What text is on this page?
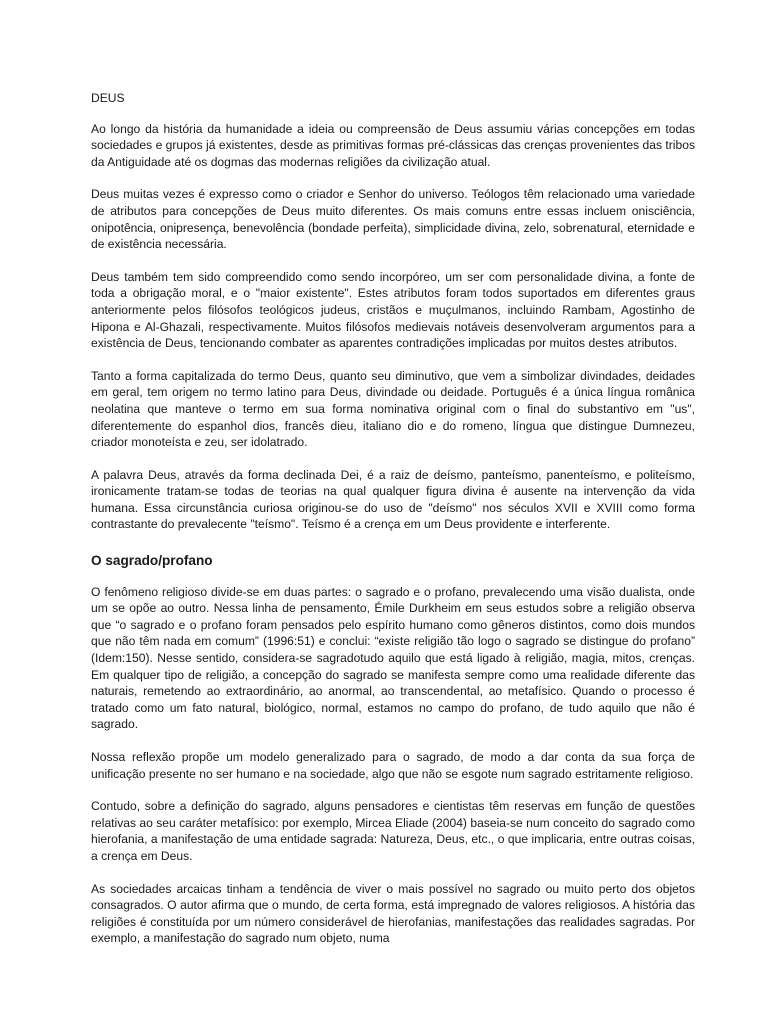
DEUS

Ao longo da história da humanidade a ideia ou compreensão de Deus assumiu várias concepções em todas sociedades e grupos já existentes, desde as primitivas formas pré-clássicas das crenças provenientes das tribos da Antiguidade até os dogmas das modernas religiões da civilização atual.

Deus muitas vezes é expresso como o criador e Senhor do universo. Teólogos têm relacionado uma variedade de atributos para concepções de Deus muito diferentes. Os mais comuns entre essas incluem onisciência, onipotência, onipresença, benevolência (bondade perfeita), simplicidade divina, zelo, sobrenatural, eternidade e de existência necessária.

Deus também tem sido compreendido como sendo incorpóreo, um ser com personalidade divina, a fonte de toda a obrigação moral, e o "maior existente". Estes atributos foram todos suportados em diferentes graus anteriormente pelos filósofos teológicos judeus, cristãos e muçulmanos, incluindo Rambam, Agostinho de Hipona e Al-Ghazali, respectivamente. Muitos filósofos medievais notáveis desenvolveram argumentos para a existência de Deus, tencionando combater as aparentes contradições implicadas por muitos destes atributos.

Tanto a forma capitalizada do termo Deus, quanto seu diminutivo, que vem a simbolizar divindades, deidades em geral, tem origem no termo latino para Deus, divindade ou deidade. Português é a única língua românica neolatina que manteve o termo em sua forma nominativa original com o final do substantivo em "us", diferentemente do espanhol dios, francês dieu, italiano dio e do romeno, língua que distingue Dumnezeu, criador monoteísta e zeu, ser idolatrado.

A palavra Deus, através da forma declinada Dei, é a raiz de deísmo, panteísmo, panenteísmo, e politeísmo, ironicamente tratam-se todas de teorias na qual qualquer figura divina é ausente na intervenção da vida humana. Essa circunstância curiosa originou-se do uso de "deísmo" nos séculos XVII e XVIII como forma contrastante do prevalecente "teísmo". Teísmo é a crença em um Deus providente e interferente.

O sagrado/profano

O fenômeno religioso divide-se em duas partes: o sagrado e o profano, prevalecendo uma visão dualista, onde um se opõe ao outro. Nessa linha de pensamento, Émile Durkheim em seus estudos sobre a religião observa que “o sagrado e o profano foram pensados pelo espírito humano como gêneros distintos, como dois mundos que não têm nada em comum” (1996:51) e conclui: “existe religião tão logo o sagrado se distingue do profano” (Idem:150). Nesse sentido, considera-se sagradotudo aquilo que está ligado à religião, magia, mitos, crenças. Em qualquer tipo de religião, a concepção do sagrado se manifesta sempre como uma realidade diferente das naturais, remetendo ao extraordinário, ao anormal, ao transcendental, ao metafísico. Quando o processo é tratado como um fato natural, biológico, normal, estamos no campo do profano, de tudo aquilo que não é sagrado.

Nossa reflexão propõe um modelo generalizado para o sagrado, de modo a dar conta da sua força de unificação presente no ser humano e na sociedade, algo que não se esgote num sagrado estritamente religioso.

Contudo, sobre a definição do sagrado, alguns pensadores e cientistas têm reservas em função de questões relativas ao seu caráter metafísico: por exemplo, Mircea Eliade (2004) baseia-se num conceito do sagrado como hierofania, a manifestação de uma entidade sagrada: Natureza, Deus, etc., o que implicaria, entre outras coisas, a crença em Deus.

As sociedades arcaicas tinham a tendência de viver o mais possível no sagrado ou muito perto dos objetos consagrados. O autor afirma que o mundo, de certa forma, está impregnado de valores religiosos. A história das religiões é constituída por um número considerável de hierofanias, manifestações das realidades sagradas. Por exemplo, a manifestação do sagrado num objeto, numa
